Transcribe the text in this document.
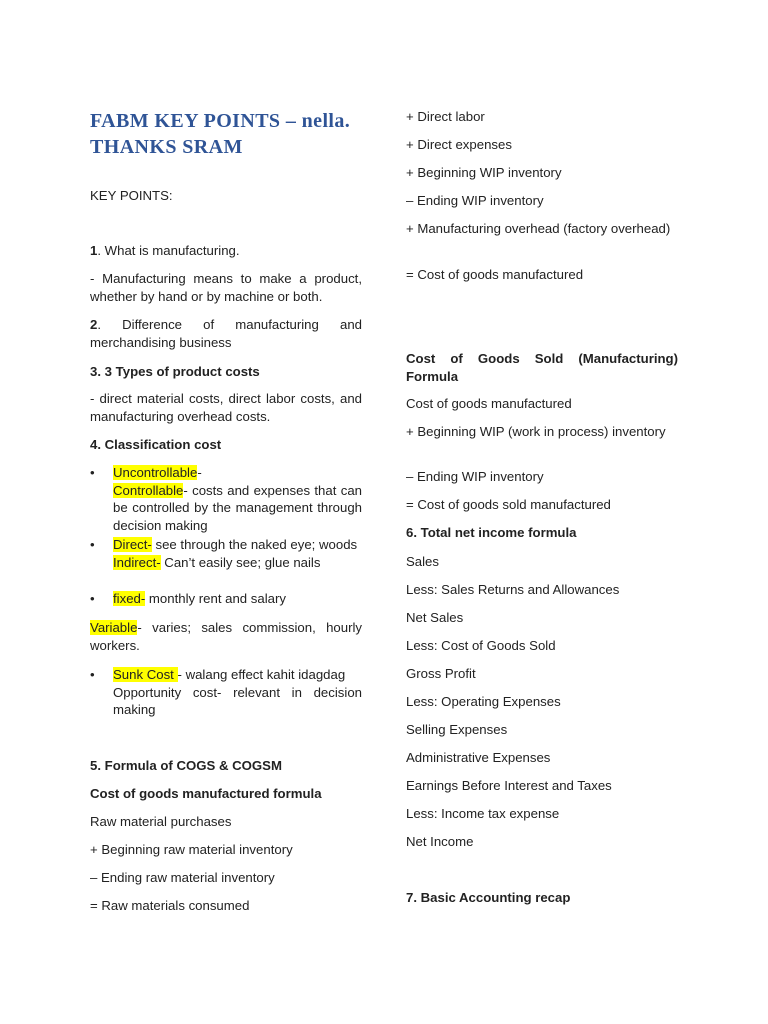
FABM KEY POINTS – nella.
THANKS SRAM

KEY POINTS:

1. What is manufacturing.

- Manufacturing means to make a product, whether by hand or by machine or both.

2. Difference of manufacturing and merchandising business

3. 3 Types of product costs

- direct material costs, direct labor costs, and manufacturing overhead costs.

4. Classification cost

• Uncontrollable-
Controllable- costs and expenses that can be controlled by the management through decision making
• Direct- see through the naked eye; woods
Indirect- Can’t easily see; glue nails
• fixed- monthly rent and salary

Variable- varies; sales commission, hourly workers.

• Sunk Cost - walang effect kahit idagdag
Opportunity cost- relevant in decision making

5. Formula of COGS & COGSM

Cost of goods manufactured formula

Raw material purchases

+ Beginning raw material inventory

– Ending raw material inventory

= Raw materials consumed

+ Direct labor

+ Direct expenses

+ Beginning WIP inventory

– Ending WIP inventory

+ Manufacturing overhead (factory overhead)

= Cost of goods manufactured

Cost of Goods Sold (Manufacturing) Formula

Cost of goods manufactured

+ Beginning WIP (work in process) inventory

– Ending WIP inventory

= Cost of goods sold manufactured

6. Total net income formula

Sales

Less: Sales Returns and Allowances

Net Sales

Less: Cost of Goods Sold

Gross Profit

Less: Operating Expenses

Selling Expenses

Administrative Expenses

Earnings Before Interest and Taxes

Less: Income tax expense

Net Income

7. Basic Accounting recap
